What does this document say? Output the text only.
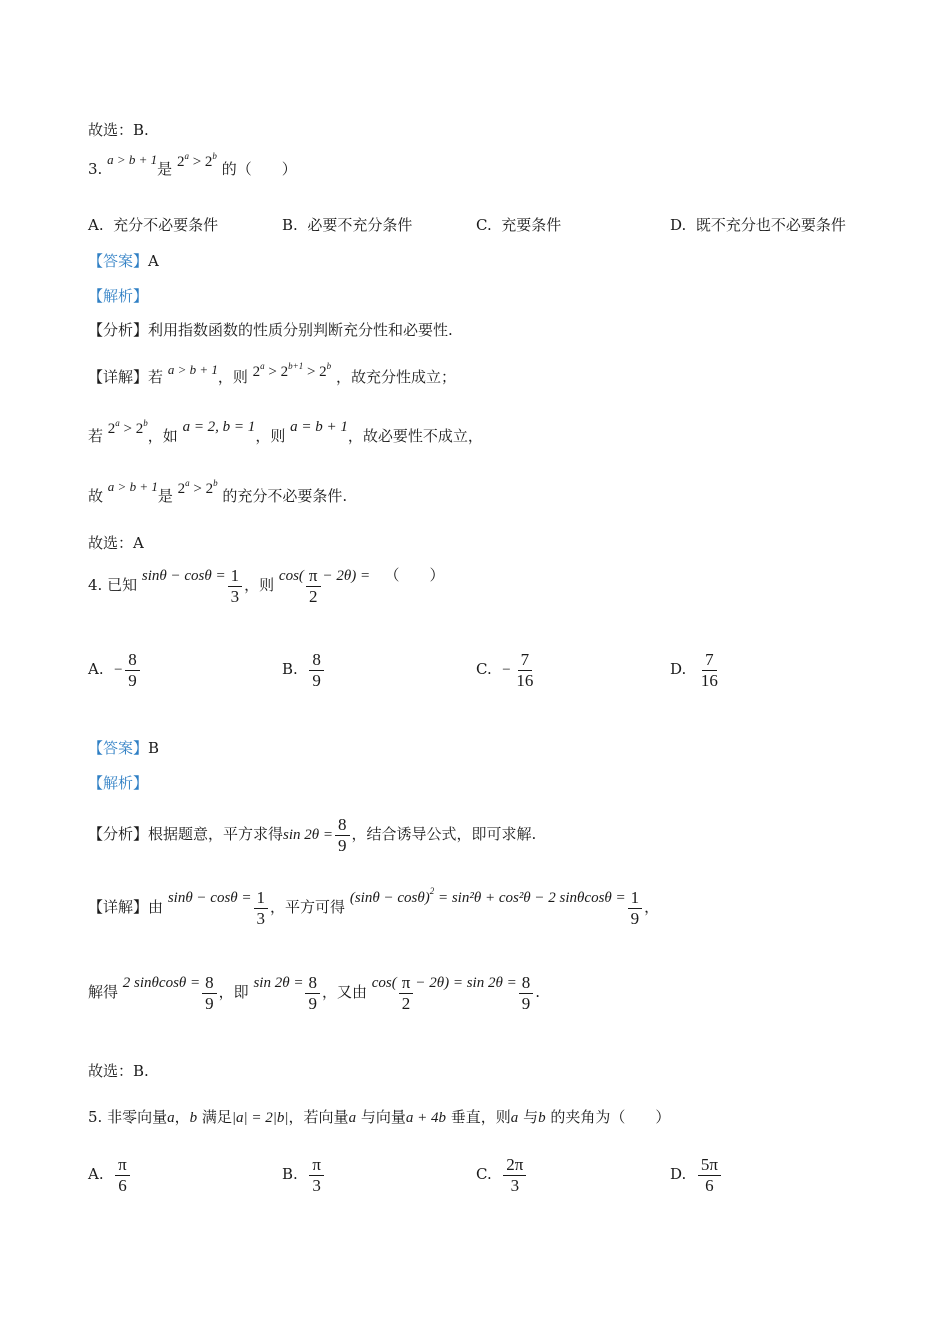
故选：B.
3. a > b + 1是 $2^a > 2^b$ 的（　　）
A. 充分不必要条件	B. 必要不充分条件	C. 充要条件	D. 既不充分也不必要条件
【答案】A
【解析】
【分析】利用指数函数的性质分别判断充分性和必要性.
【详解】若 a > b + 1，则 $2^a > 2^{b+1} > 2^b$ ，故充分性成立；
若 $2^a > 2^b$，如 a = 2, b = 1，则 a = b + 1，故必要性不成立，
故 a > b + 1是 $2^a > 2^b$ 的充分不必要条件.
故选：A
4. 已知 $\sin\theta - \cos\theta = \frac{1}{3}$ ，则 $\cos( \frac{\pi}{2} - 2\theta)$ = （　　）
A. − $\frac{8}{9}$	B. $\frac{8}{9}$	C. − $\frac{7}{16}$	D. $\frac{7}{16}$
【答案】B
【解析】
【分析】根据题意，平方求得$\sin 2\theta = \frac{8}{9}$ ，结合诱导公式，即可求解.
【详解】由 $\sin\theta - \cos\theta = \frac{1}{3}$ ，平方可得 $(\sin\theta - \cos\theta)^2 = \sin^2\theta + \cos^2\theta - 2$ $\sin\theta\cos\theta = \frac{1}{9}$ ，
解得 2 $\sin\theta\cos\theta = \frac{8}{9}$ ，即 $\sin 2\theta = \frac{8}{9}$ ，又由 $\cos( \frac{\pi}{2} - 2\theta) = \sin 2\theta = \frac{8}{9}$ .
故选：B.
5. 非零向量a，b 满足|a| = 2|b|，若向量a 与向量a + 4b 垂直，则a 与b 的夹角为（　　）
A. $\frac{\pi}{6}$	B. $\frac{\pi}{3}$	C. $\frac{2\pi}{3}$	D. $\frac{5\pi}{6}$
